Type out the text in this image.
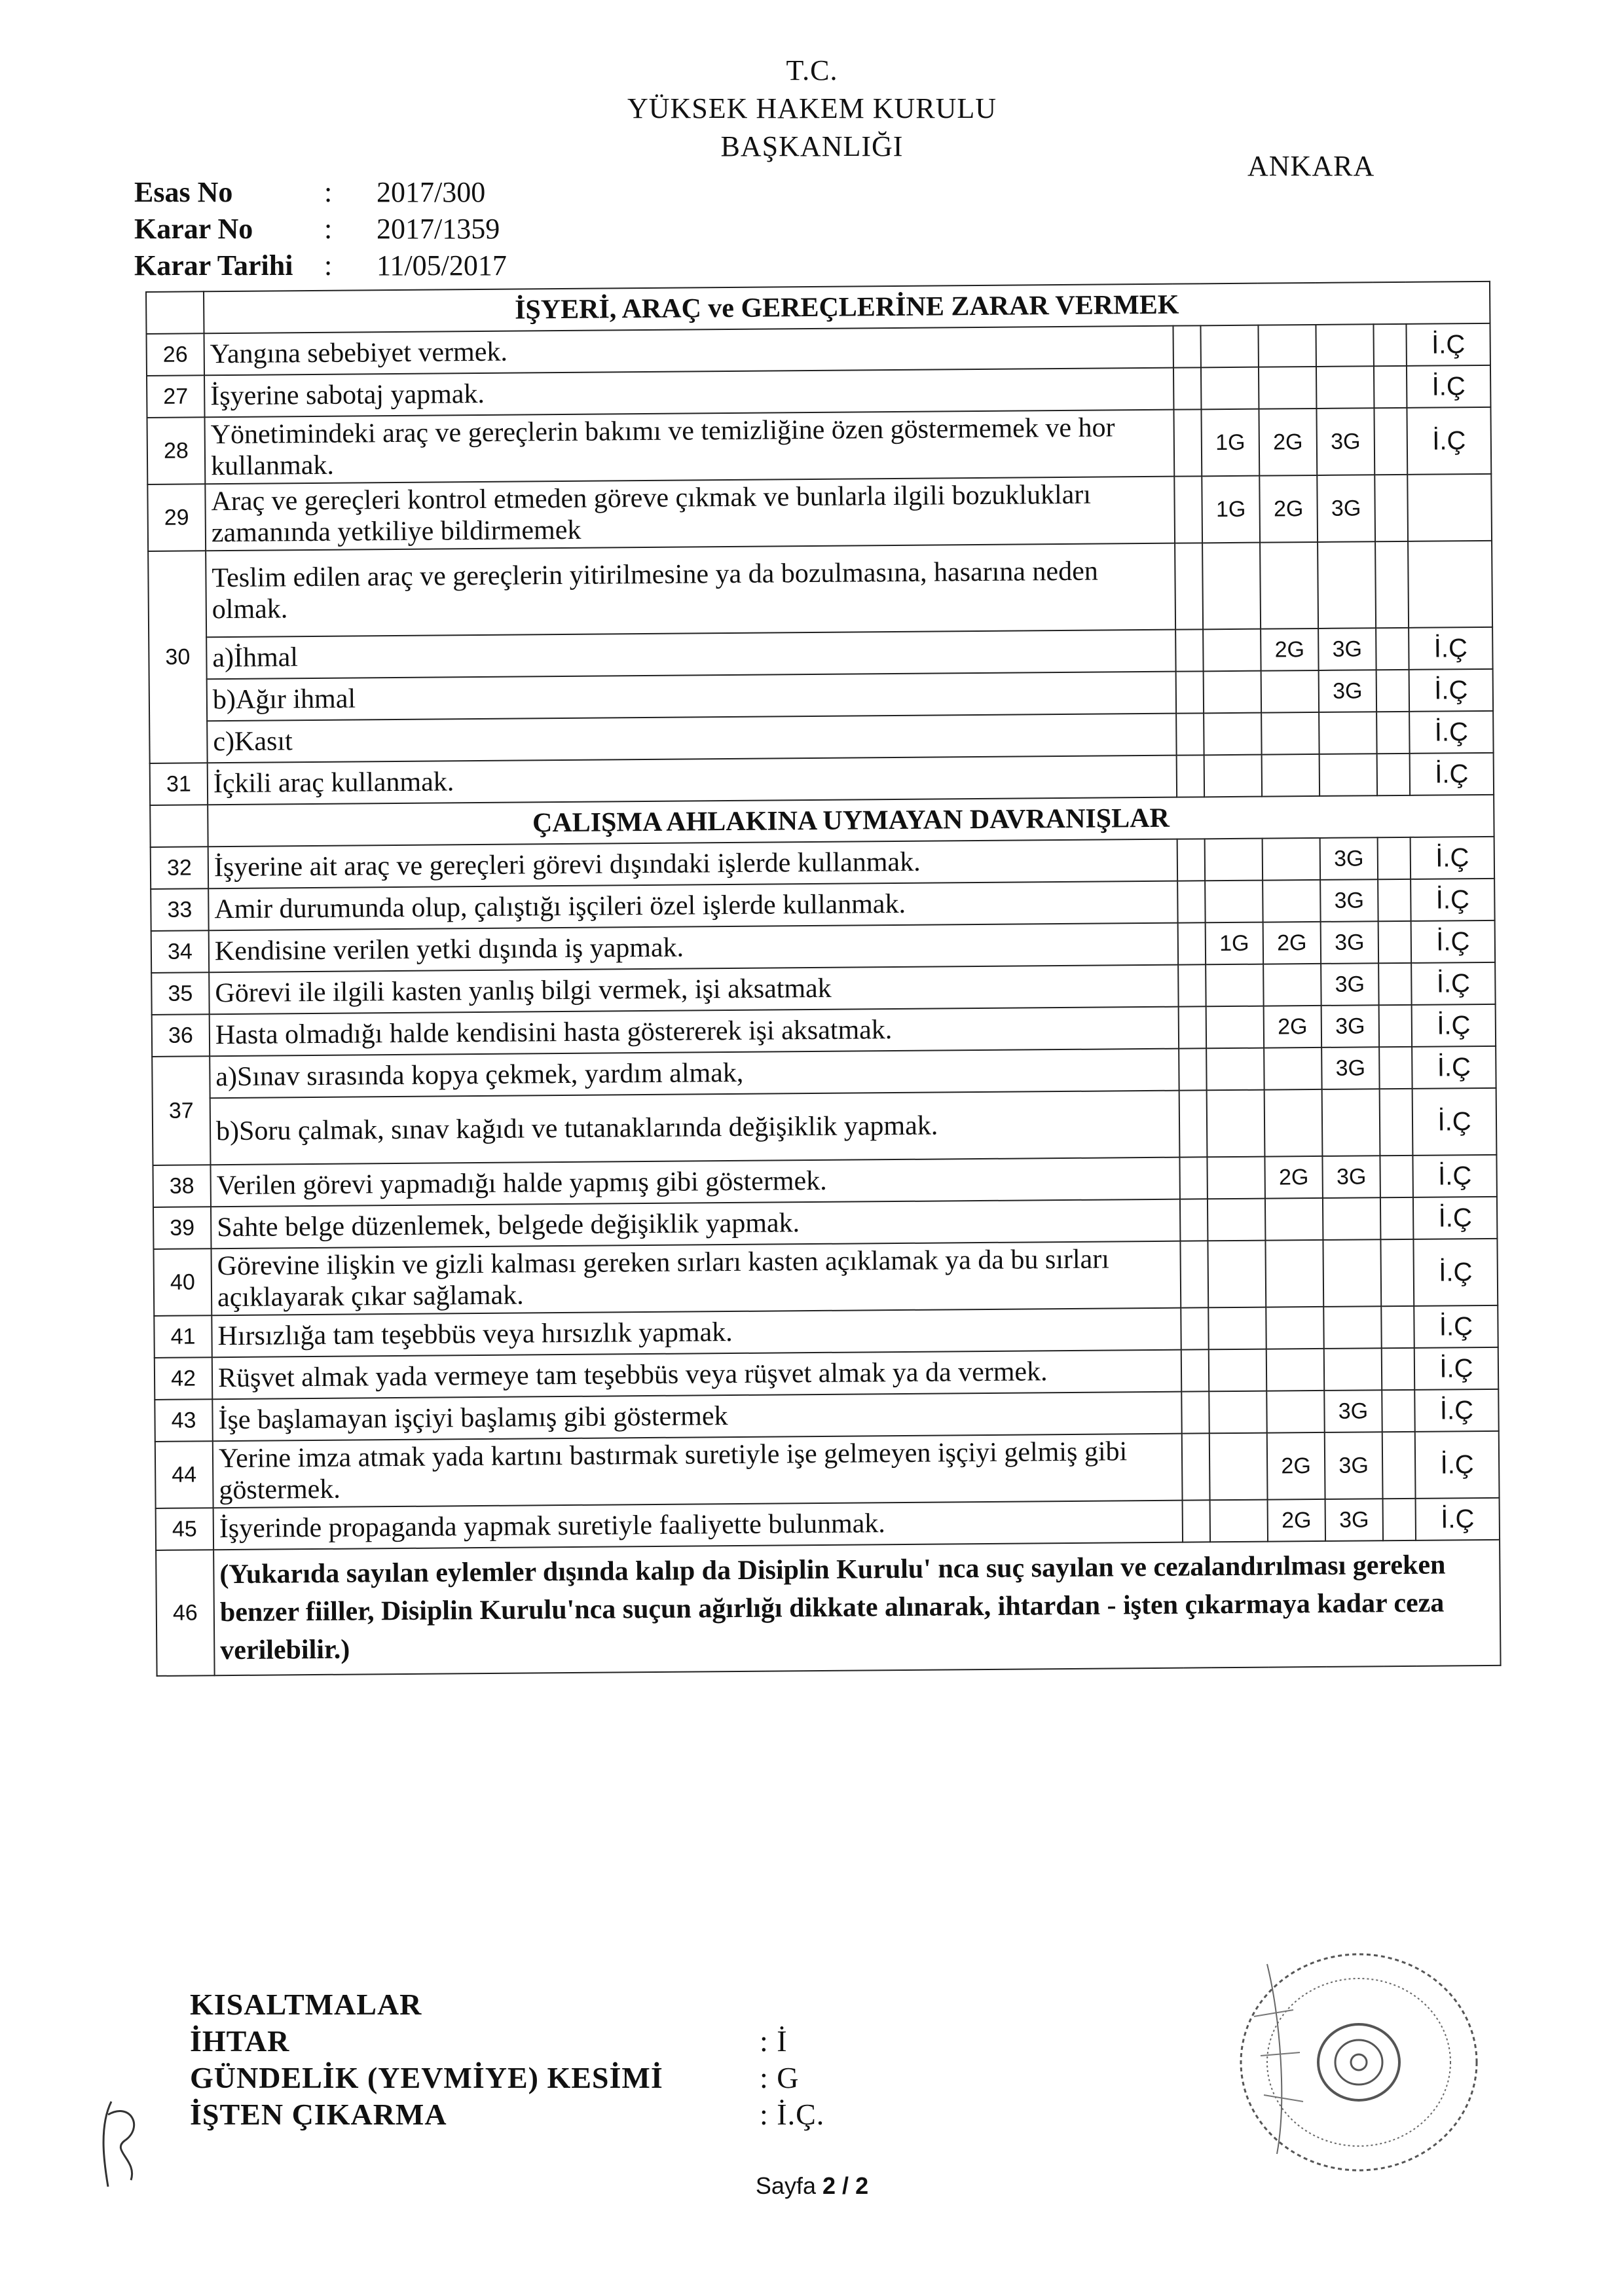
T.C.
YÜKSEK HAKEM KURULU
BAŞKANLIĞI
ANKARA
Esas No	:	2017/300
Karar No	:	2017/1359
Karar Tarihi	:	11/05/2017
	İŞYERİ, ARAÇ ve GEREÇLERİNE ZARAR VERMEK						
26	Yangına sebebiyet vermek.						İ.Ç
27	İşyerine sabotaj yapmak.						İ.Ç
28	Yönetimindeki araç ve gereçlerin bakımı ve temizliğine özen göstermemek ve hor kullanmak.		1G	2G	3G		İ.Ç
29	Araç ve gereçleri kontrol etmeden göreve çıkmak ve bunlarla ilgili bozuklukları zamanında yetkiliye bildirmemek		1G	2G	3G		
30	Teslim edilen araç ve gereçlerin yitirilmesine ya da bozulmasına, hasarına neden olmak.						
	a)İhmal			2G	3G		İ.Ç
	b)Ağır ihmal				3G		İ.Ç
	c)Kasıt						İ.Ç
31	İçkili araç kullanmak.						İ.Ç
	ÇALIŞMA AHLAKINA UYMAYAN DAVRANIŞLAR						
32	İşyerine ait araç ve gereçleri görevi dışındaki işlerde kullanmak.				3G		İ.Ç
33	Amir durumunda olup, çalıştığı işçileri özel işlerde kullanmak.				3G		İ.Ç
34	Kendisine verilen yetki dışında iş yapmak.		1G	2G	3G		İ.Ç
35	Görevi ile ilgili kasten yanlış bilgi vermek, işi aksatmak				3G		İ.Ç
36	Hasta olmadığı halde kendisini hasta göstererek işi aksatmak.			2G	3G		İ.Ç
37	a)Sınav sırasında kopya çekmek, yardım almak,				3G		İ.Ç
	b)Soru çalmak, sınav kağıdı ve tutanaklarında değişiklik yapmak.						İ.Ç
38	Verilen görevi yapmadığı halde yapmış gibi göstermek.			2G	3G		İ.Ç
39	Sahte belge düzenlemek, belgede değişiklik yapmak.						İ.Ç
40	Görevine ilişkin ve gizli kalması gereken sırları kasten açıklamak ya da bu sırları açıklayarak çıkar sağlamak.						İ.Ç
41	Hırsızlığa tam teşebbüs veya hırsızlık yapmak.						İ.Ç
42	Rüşvet almak yada vermeye tam teşebbüs veya rüşvet almak ya da vermek.						İ.Ç
43	İşe başlamayan işçiyi başlamış gibi göstermek				3G		İ.Ç
44	Yerine imza atmak yada kartını bastırmak suretiyle işe gelmeyen işçiyi gelmiş gibi göstermek.			2G	3G		İ.Ç
45	İşyerinde propaganda yapmak suretiyle faaliyette bulunmak.			2G	3G		İ.Ç
46	(Yukarıda sayılan eylemler dışında kalıp da Disiplin Kurulu' nca suç sayılan ve cezalandırılması gereken benzer fiiller, Disiplin Kurulu'nca suçun ağırlığı dikkate alınarak, ihtardan - işten çıkarmaya kadar ceza verilebilir.)						
KISALTMALAR
İHTAR	: İ
GÜNDELİK (YEVMİYE) KESİMİ	: G
İŞTEN ÇIKARMA	: İ.Ç.
Sayfa 2 / 2
